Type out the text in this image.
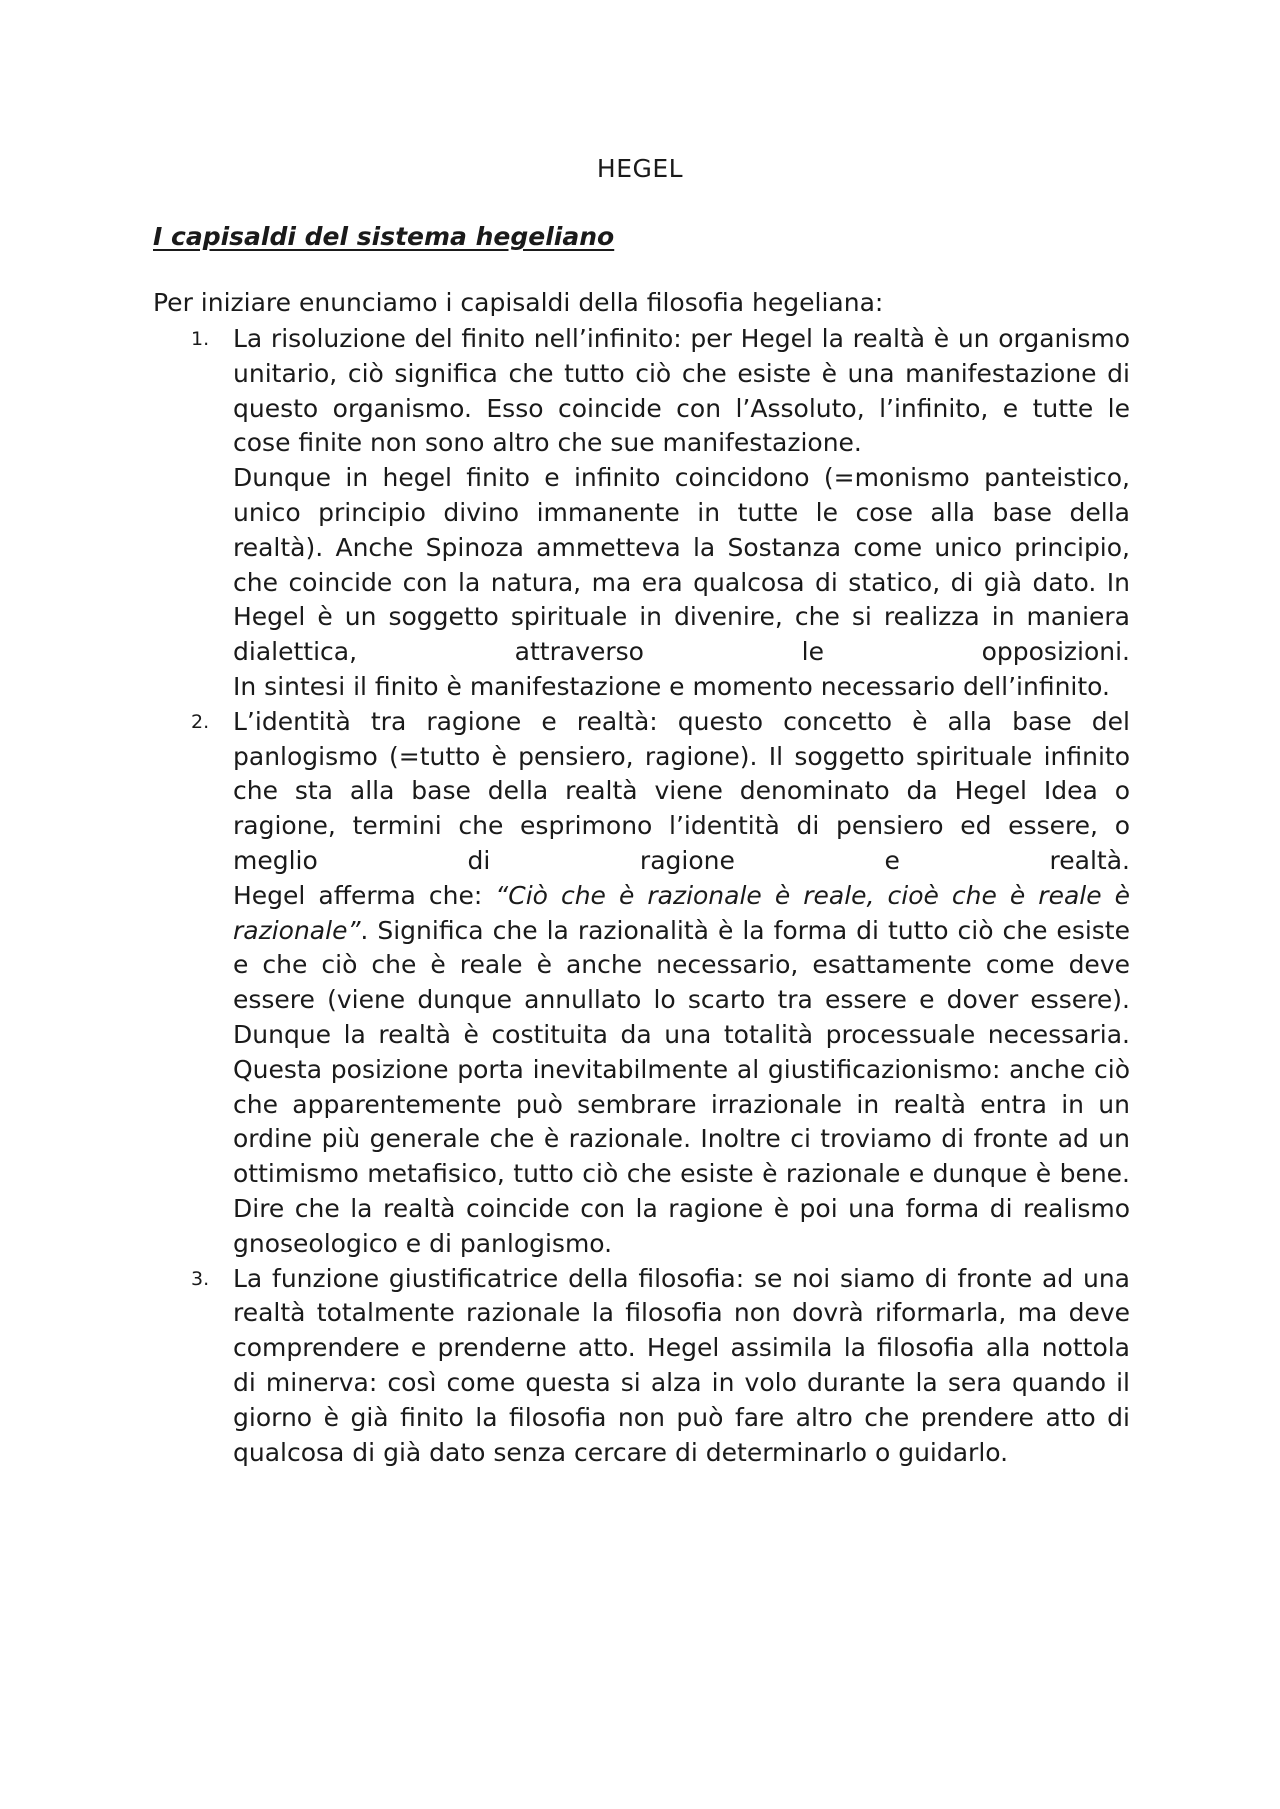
HEGEL
I capisaldi del sistema hegeliano
Per iniziare enunciamo i capisaldi della filosofia hegeliana:
1. La risoluzione del finito nell’infinito: per Hegel la realtà è un organismo unitario, ciò significa che tutto ciò che esiste è una manifestazione di questo organismo. Esso coincide con l’Assoluto, l’infinito, e tutte le cose finite non sono altro che sue manifestazione.

Dunque in hegel finito e infinito coincidono (=monismo panteistico, unico principio divino immanente in tutte le cose alla base della realtà). Anche Spinoza ammetteva la Sostanza come unico principio, che coincide con la natura, ma era qualcosa di statico, di già dato. In Hegel è un soggetto spirituale in divenire, che si realizza in maniera dialettica, attraverso le opposizioni.

In sintesi il finito è manifestazione e momento necessario dell’infinito.

2. L’identità tra ragione e realtà: questo concetto è alla base del panlogismo (=tutto è pensiero, ragione). Il soggetto spirituale infinito che sta alla base della realtà viene denominato da Hegel Idea o ragione, termini che esprimono l’identità di pensiero ed essere, o meglio di ragione e realtà.

Hegel afferma che: “Ciò che è razionale è reale, cioè che è reale è razionale”. Significa che la razionalità è la forma di tutto ciò che esiste e che ciò che è reale è anche necessario, esattamente come deve essere (viene dunque annullato lo scarto tra essere e dover essere). Dunque la realtà è costituita da una totalità processuale necessaria. Questa posizione porta inevitabilmente al giustificazionismo: anche ciò che apparentemente può sembrare irrazionale in realtà entra in un ordine più generale che è razionale. Inoltre ci troviamo di fronte ad un ottimismo metafisico, tutto ciò che esiste è razionale e dunque è bene. Dire che la realtà coincide con la ragione è poi una forma di realismo gnoseologico e di panlogismo.

3. La funzione giustificatrice della filosofia: se noi siamo di fronte ad una realtà totalmente razionale la filosofia non dovrà riformarla, ma deve comprendere e prenderne atto. Hegel assimila la filosofia alla nottola di minerva: così come questa si alza in volo durante la sera quando il giorno è già finito la filosofia non può fare altro che prendere atto di qualcosa di già dato senza cercare di determinarlo o guidarlo.
